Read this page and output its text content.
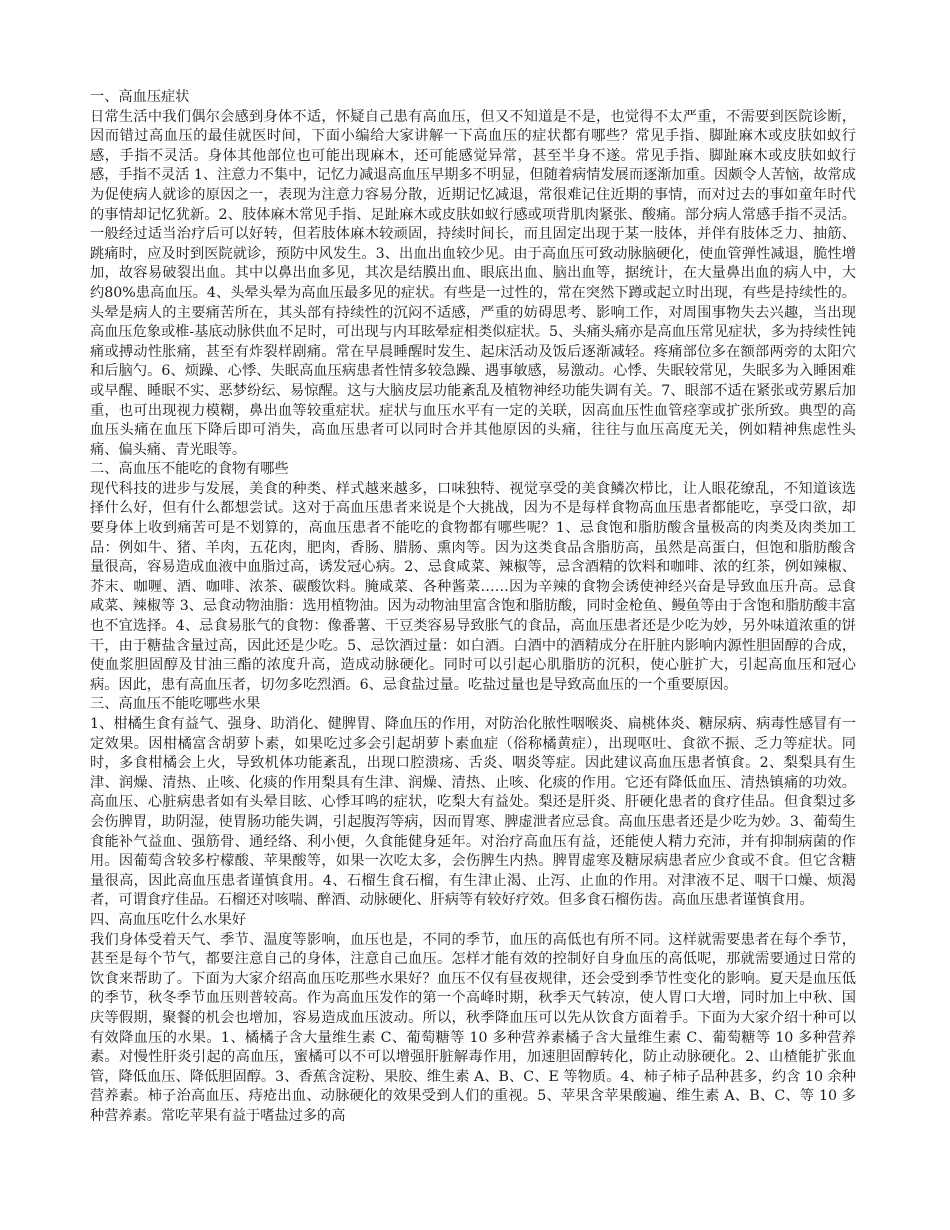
一、高血压症状

日常生活中我们偶尔会感到身体不适，怀疑自己患有高血压，但又不知道是不是，也觉得不太严重，不需要到医院诊断，因而错过高血压的最佳就医时间，下面小编给大家讲解一下高血压的症状都有哪些？常见手指、脚趾麻木或皮肤如蚁行感，手指不灵活。身体其他部位也可能出现麻木，还可能感觉异常，甚至半身不遂。常见手指、脚趾麻木或皮肤如蚁行感，手指不灵活 1、注意力不集中，记忆力减退高血压早期多不明显，但随着病情发展而逐渐加重。因颇令人苦恼，故常成为促使病人就诊的原因之一，表现为注意力容易分散，近期记忆减退，常很难记住近期的事情，而对过去的事如童年时代的事情却记忆犹新。2、肢体麻木常见手指、足趾麻木或皮肤如蚁行感或项背肌肉紧张、酸痛。部分病人常感手指不灵活。一般经过适当治疗后可以好转，但若肢体麻木较顽固，持续时间长，而且固定出现于某一肢体，并伴有肢体乏力、抽筋、跳痛时，应及时到医院就诊，预防中风发生。3、出血出血较少见。由于高血压可致动脉脑硬化，使血管弹性减退，脆性增加，故容易破裂出血。其中以鼻出血多见，其次是结膜出血、眼底出血、脑出血等，据统计，在大量鼻出血的病人中，大约80%患高血压。4、头晕头晕为高血压最多见的症状。有些是一过性的，常在突然下蹲或起立时出现，有些是持续性的。头晕是病人的主要痛苦所在，其头部有持续性的沉闷不适感，严重的妨碍思考、影响工作，对周围事物失去兴趣，当出现高血压危象或椎-基底动脉供血不足时，可出现与内耳眩晕症相类似症状。5、头痛头痛亦是高血压常见症状，多为持续性钝痛或搏动性胀痛，甚至有炸裂样剧痛。常在早晨睡醒时发生、起床活动及饭后逐渐减轻。疼痛部位多在额部两旁的太阳穴和后脑勺。6、烦躁、心悸、失眠高血压病患者性情多较急躁、遇事敏感，易激动。心悸、失眠较常见，失眠多为入睡困难或早醒、睡眠不实、恶梦纷纭、易惊醒。这与大脑皮层功能紊乱及植物神经功能失调有关。7、眼部不适在紧张或劳累后加重，也可出现视力模糊，鼻出血等较重症状。症状与血压水平有一定的关联，因高血压性血管痉挛或扩张所致。典型的高血压头痛在血压下降后即可消失，高血压患者可以同时合并其他原因的头痛，往往与血压高度无关，例如精神焦虑性头痛、偏头痛、青光眼等。

二、高血压不能吃的食物有哪些

现代科技的进步与发展，美食的种类、样式越来越多，口味独特、视觉享受的美食鳞次栉比，让人眼花缭乱，不知道该选择什么好，但有什么都想尝试。这对于高血压患者来说是个大挑战，因为不是每样食物高血压患者都能吃，享受口欲，却要身体上收到痛苦可是不划算的，高血压患者不能吃的食物都有哪些呢？1、忌食饱和脂肪酸含量极高的肉类及肉类加工品：例如牛、猪、羊肉，五花肉，肥肉，香肠、腊肠、熏肉等。因为这类食品含脂肪高，虽然是高蛋白，但饱和脂肪酸含量很高，容易造成血液中血脂过高，诱发冠心病。2、忌食咸菜、辣椒等，忌含酒精的饮料和咖啡、浓的红茶，例如辣椒、芥末、咖喱、酒、咖啡、浓茶、碳酸饮料。腌咸菜、各种酱菜……因为辛辣的食物会诱使神经兴奋是导致血压升高。忌食咸菜、辣椒等 3、忌食动物油脂：选用植物油。因为动物油里富含饱和脂肪酸，同时金枪鱼、鳗鱼等由于含饱和脂肪酸丰富也不宜选择。4、忌食易胀气的食物：像番薯、干豆类容易导致胀气的食品，高血压患者还是少吃为妙，另外味道浓重的饼干，由于糖盐含量过高，因此还是少吃。5、忌饮酒过量：如白酒。白酒中的酒精成分在肝脏内影响内源性胆固醇的合成，使血浆胆固醇及甘油三酯的浓度升高，造成动脉硬化。同时可以引起心肌脂肪的沉积，使心脏扩大，引起高血压和冠心病。因此，患有高血压者，切勿多吃烈酒。6、忌食盐过量。吃盐过量也是导致高血压的一个重要原因。

三、高血压不能吃哪些水果

1、柑橘生食有益气、强身、助消化、健脾胃、降血压的作用，对防治化脓性咽喉炎、扁桃体炎、糖尿病、病毒性感冒有一定效果。因柑橘富含胡萝卜素，如果吃过多会引起胡萝卜素血症（俗称橘黄症），出现呕吐、食欲不振、乏力等症状。同时，多食柑橘会上火，导致机体功能紊乱，出现口腔溃疡、舌炎、咽炎等症。因此建议高血压患者慎食。2、梨梨具有生津、润燥、清热、止咳、化痰的作用梨具有生津、润燥、清热、止咳、化痰的作用。它还有降低血压、清热镇痛的功效。高血压、心脏病患者如有头晕目眩、心悸耳鸣的症状，吃梨大有益处。梨还是肝炎、肝硬化患者的食疗佳品。但食梨过多会伤脾胃，助阴湿，使胃肠功能失调，引起腹泻等病，因而胃寒、脾虚泄者应忌食。高血压患者还是少吃为妙。3、葡萄生食能补气益血、强筋骨、通经络、利小便，久食能健身延年。对治疗高血压有益，还能使人精力充沛，并有抑制病菌的作用。因葡萄含较多柠檬酸、苹果酸等，如果一次吃太多，会伤脾生内热。脾胃虚寒及糖尿病患者应少食或不食。但它含糖量很高，因此高血压患者谨慎食用。4、石榴生食石榴，有生津止渴、止泻、止血的作用。对津液不足、咽干口燥、烦渴者，可谓食疗佳品。石榴还对咳喘、醉酒、动脉硬化、肝病等有较好疗效。但多食石榴伤齿。高血压患者谨慎食用。

四、高血压吃什么水果好

我们身体受着天气、季节、温度等影响，血压也是，不同的季节，血压的高低也有所不同。这样就需要患者在每个季节，甚至是每个节气，都要注意自己的身体，注意自己血压。怎样才能有效的控制好自身血压的高低呢，那就需要通过日常的饮食来帮助了。下面为大家介绍高血压吃那些水果好？血压不仅有昼夜规律，还会受到季节性变化的影响。夏天是血压低的季节，秋冬季节血压则普较高。作为高血压发作的第一个高峰时期，秋季天气转凉，使人胃口大增，同时加上中秋、国庆等假期，聚餐的机会也增加，容易造成血压波动。所以，秋季降血压可以先从饮食方面着手。下面为大家介绍十种可以有效降血压的水果。1、橘橘子含大量维生素 C、葡萄糖等 10 多种营养素橘子含大量维生素 C、葡萄糖等 10 多种营养素。对慢性肝炎引起的高血压，蜜橘可以不可以增强肝脏解毒作用，加速胆固醇转化，防止动脉硬化。2、山楂能扩张血管，降低血压、降低胆固醇。3、香蕉含淀粉、果胶、维生素 A、B、C、E 等物质。4、柿子柿子品种甚多，约含 10 余种营养素。柿子治高血压、痔疮出血、动脉硬化的效果受到人们的重视。5、苹果含苹果酸遍、维生素 A、B、C、等 10 多种营养素。常吃苹果有益于嗜盐过多的高
